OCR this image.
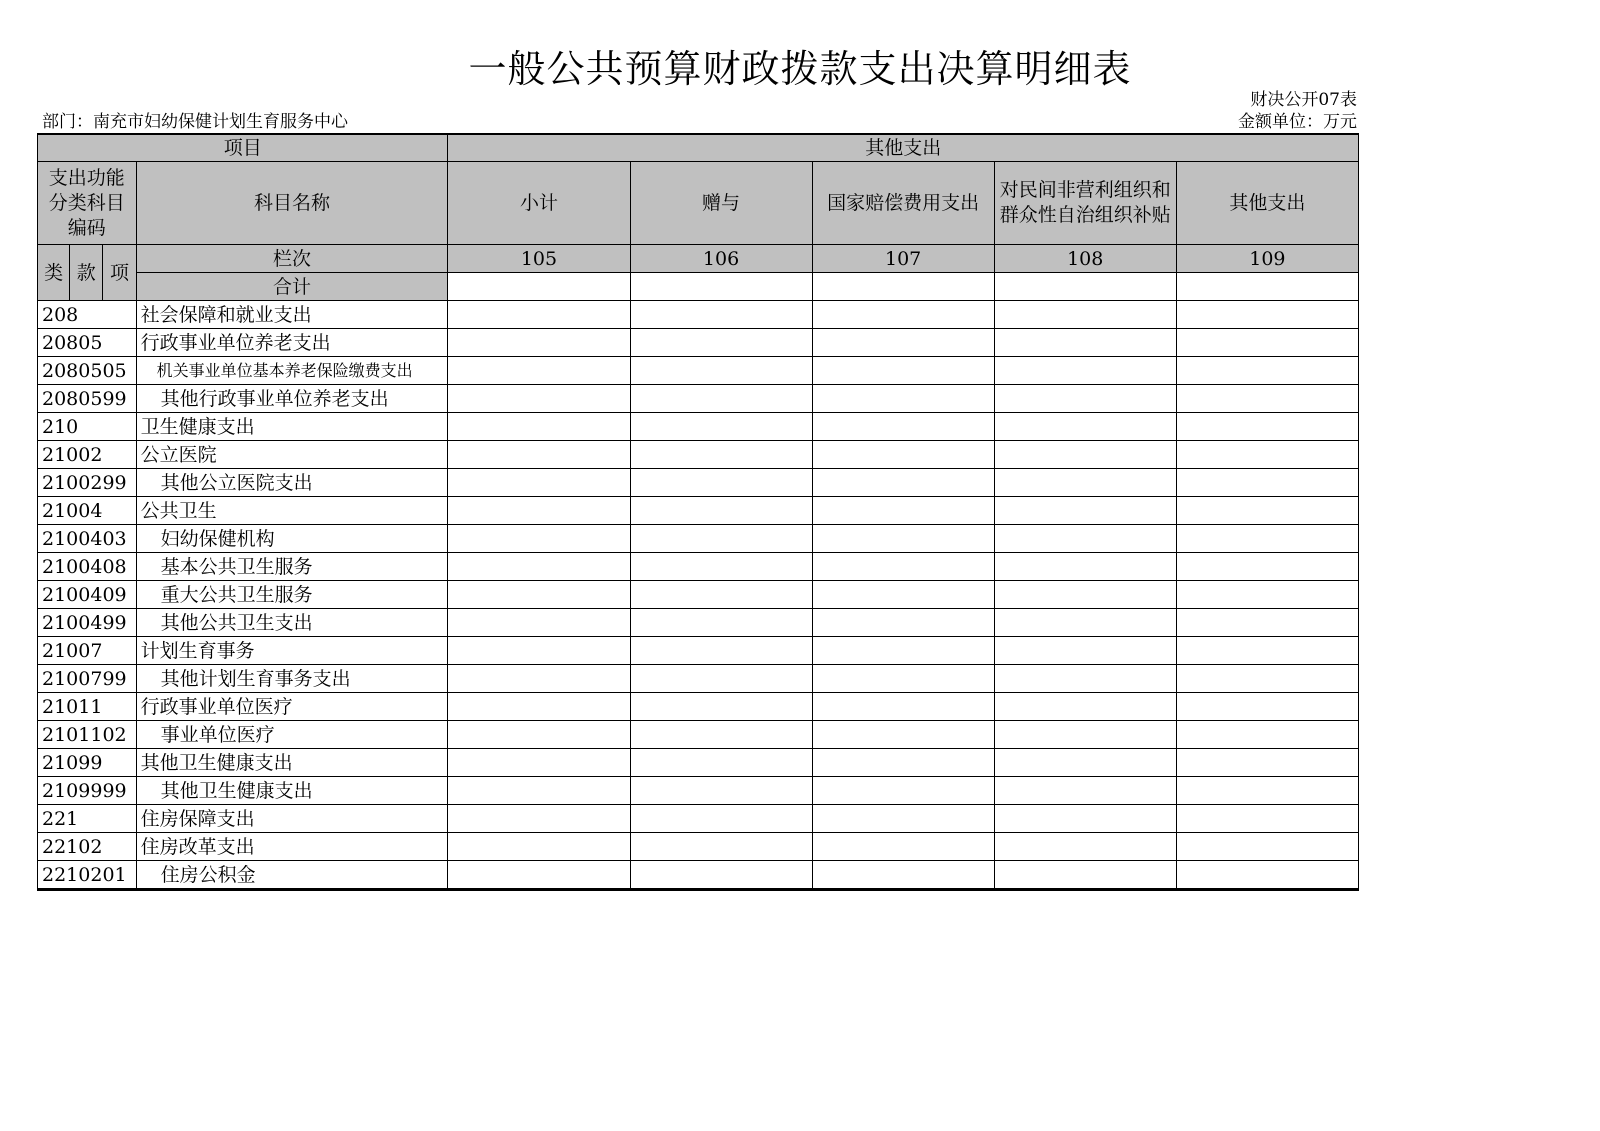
一般公共预算财政拨款支出决算明细表
财决公开07表
部门：南充市妇幼保健计划生育服务中心	金额单位：万元
项目				其他支出				
支出功能分类科目编码			科目名称	小计	赠与	国家赔偿费用支出	对民间非营利组织和群众性自治组织补贴	其他支出
类	款	项	栏次	105	106	107	108	109
			合计					
208			社会保障和就业支出					
20805			行政事业单位养老支出					
2080505			机关事业单位基本养老保险缴费支出					
2080599			其他行政事业单位养老支出					
210			卫生健康支出					
21002			公立医院					
2100299			其他公立医院支出					
21004			公共卫生					
2100403			妇幼保健机构					
2100408			基本公共卫生服务					
2100409			重大公共卫生服务					
2100499			其他公共卫生支出					
21007			计划生育事务					
2100799			其他计划生育事务支出					
21011			行政事业单位医疗					
2101102			事业单位医疗					
21099			其他卫生健康支出					
2109999			其他卫生健康支出					
221			住房保障支出					
22102			住房改革支出					
2210201			住房公积金					
